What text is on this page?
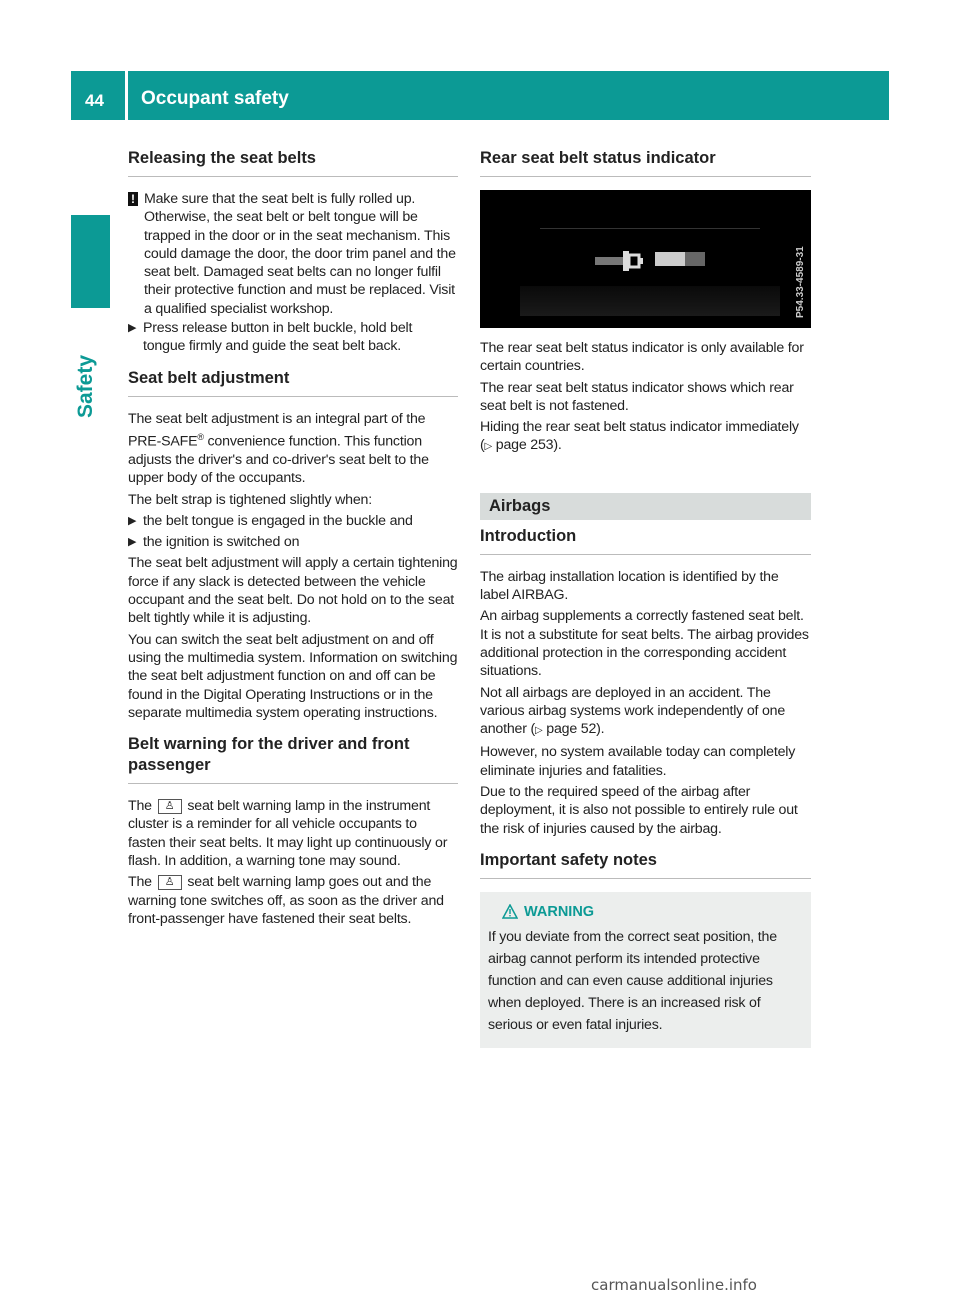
44 Occupant safety
Safety
Releasing the seat belts
! Make sure that the seat belt is fully rolled up. Otherwise, the seat belt or belt tongue will be trapped in the door or in the seat mechanism. This could damage the door, the door trim panel and the seat belt. Damaged seat belts can no longer fulfil their protective function and must be replaced. Visit a qualified specialist workshop.

▶ Press release button in belt buckle, hold belt tongue firmly and guide the seat belt back.

Seat belt adjustment

The seat belt adjustment is an integral part of the PRE-SAFE® convenience function. This function adjusts the driver's and co-driver's seat belt to the upper body of the occupants.

The belt strap is tightened slightly when:

▶ the belt tongue is engaged in the buckle and
▶ the ignition is switched on

The seat belt adjustment will apply a certain tightening force if any slack is detected between the vehicle occupant and the seat belt. Do not hold on to the seat belt tightly while it is adjusting.

You can switch the seat belt adjustment on and off using the multimedia system. Information on switching the seat belt adjustment function on and off can be found in the Digital Operating Instructions or in the separate multimedia system operating instructions.

Belt warning for the driver and front passenger

The ♙ seat belt warning lamp in the instrument cluster is a reminder for all vehicle occupants to fasten their seat belts. It may light up continuously or flash. In addition, a warning tone may sound.

The ♙ seat belt warning lamp goes out and the warning tone switches off, as soon as the driver and front-passenger have fastened their seat belts.

Rear seat belt status indicator
P54.33-4589-31

The rear seat belt status indicator is only available for certain countries.

The rear seat belt status indicator shows which rear seat belt is not fastened.

Hiding the rear seat belt status indicator immediately (▷ page 253).

Airbags
Introduction

The airbag installation location is identified by the label AIRBAG.

An airbag supplements a correctly fastened seat belt. It is not a substitute for seat belts. The airbag provides additional protection in the corresponding accident situations.

Not all airbags are deployed in an accident. The various airbag systems work independently of one another (▷ page 52).

However, no system available today can completely eliminate injuries and fatalities.

Due to the required speed of the airbag after deployment, it is also not possible to entirely rule out the risk of injuries caused by the airbag.

Important safety notes
WARNING

If you deviate from the correct seat position, the airbag cannot perform its intended protective function and can even cause additional injuries when deployed. There is an increased risk of serious or even fatal injuries.

carmanualsonline.info
